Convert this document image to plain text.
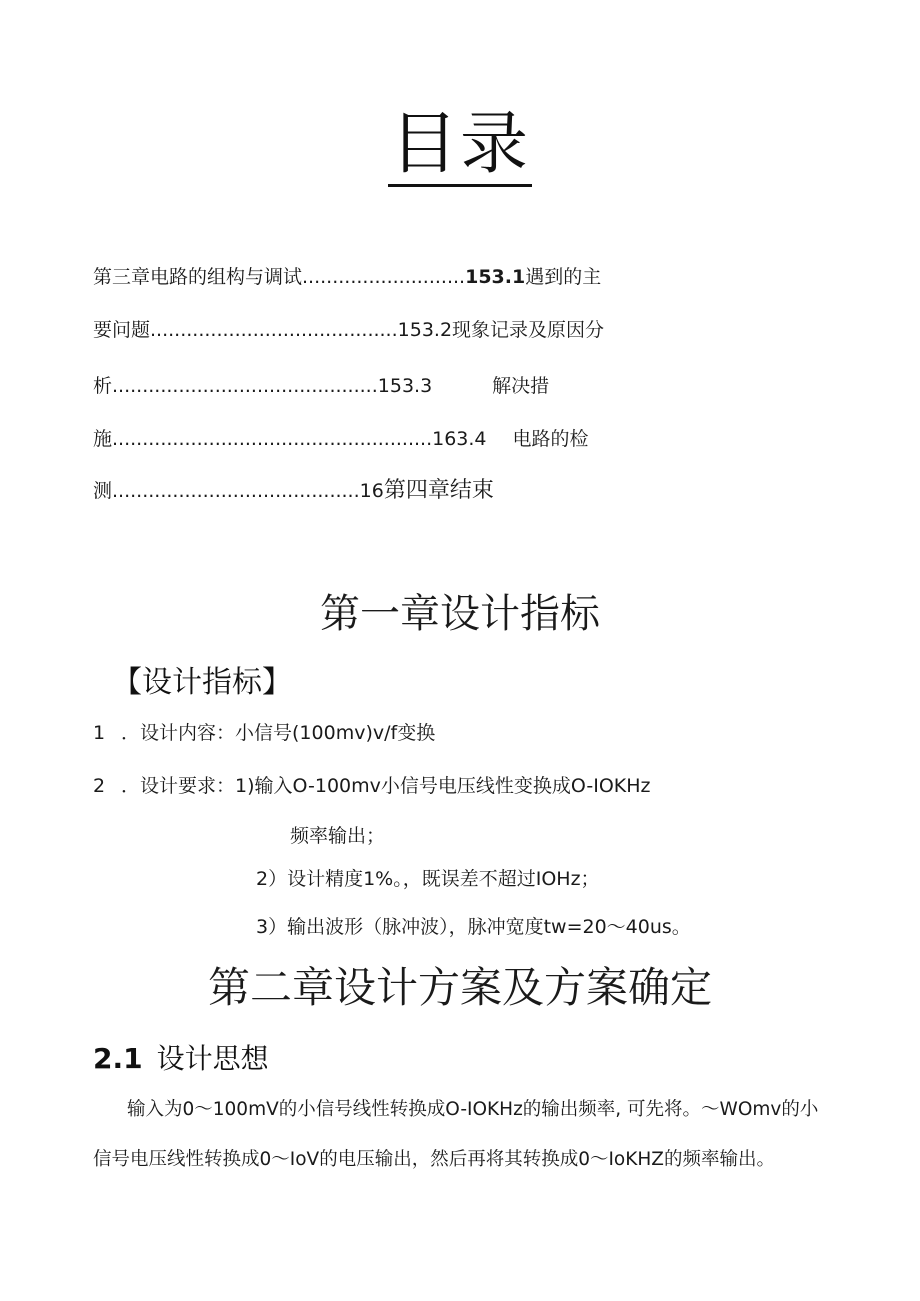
目录
第三章电路的组构与调试...........................153.1遇到的主
要问题.........................................153.2现象记录及原因分
析............................................153.3	解决措
施.....................................................163.4 电路的检
测.........................................16第四章结束
第一章设计指标
【设计指标】
1 ．设计内容：小信号(100mv)v/f变换
2 ．设计要求：1)输入O-100mv小信号电压线性变换成O-IOKHz
频率输出；
2）设计精度1%。，既误差不超过IOHz；
3）输出波形（脉冲波），脉冲宽度tw=20〜40us。
第二章设计方案及方案确定
2.1 设计思想
输入为0〜100mV的小信号线性转换成O-IOKHz的输出频率, 可先将。〜WOmv的小
信号电压线性转换成0〜IoV的电压输出，然后再将其转换成0〜IoKHZ的频率输出。
